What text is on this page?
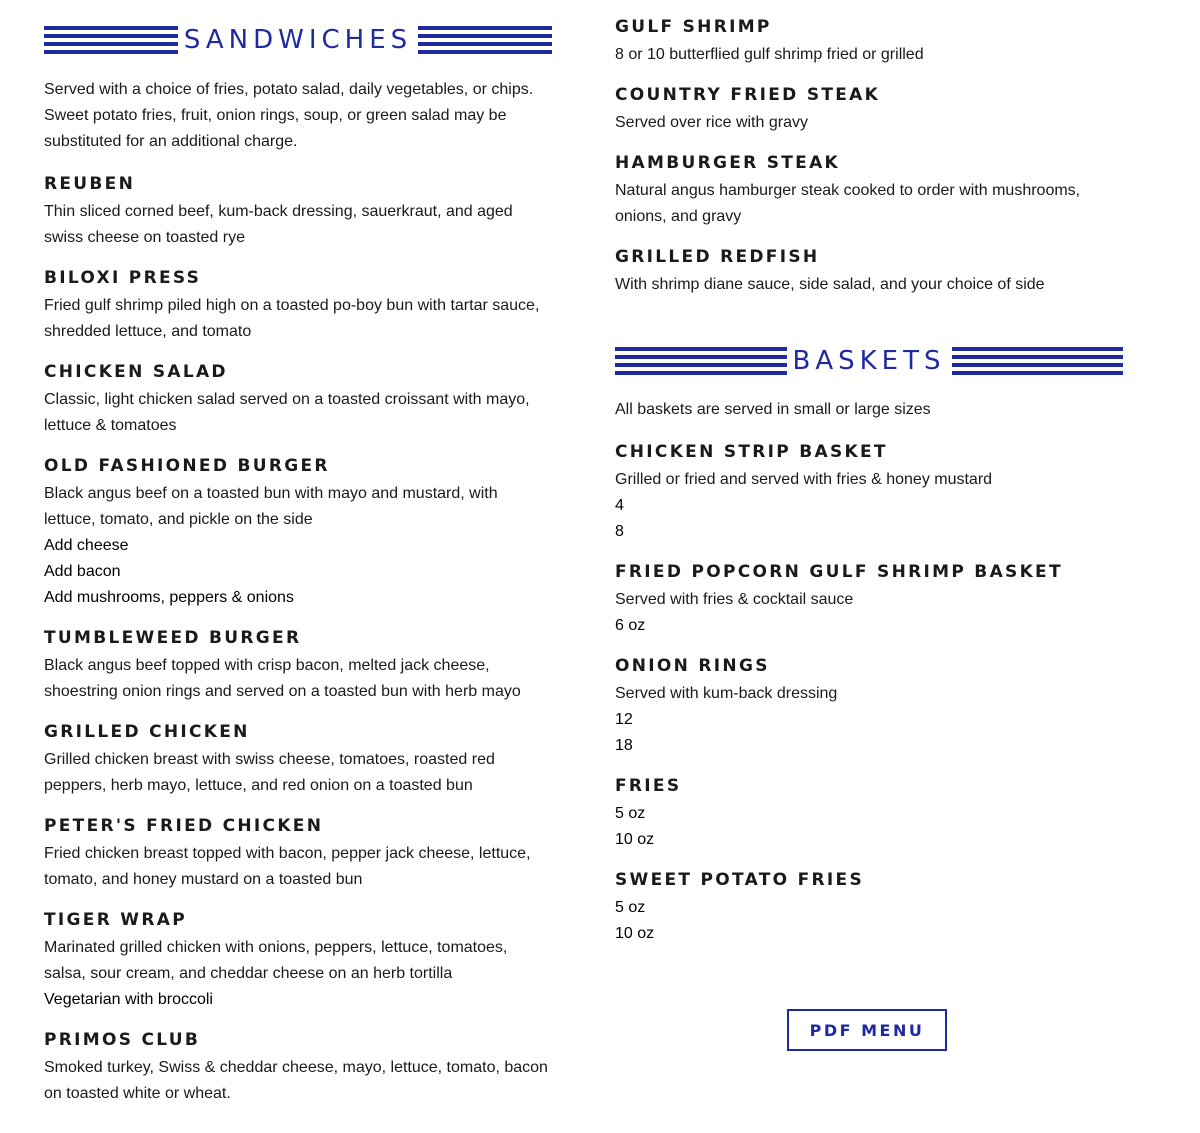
SANDWICHES

Served with a choice of fries, potato salad, daily vegetables, or chips. Sweet potato fries, fruit, onion rings, soup, or green salad may be substituted for an additional charge.

REUBEN

Thin sliced corned beef, kum-back dressing, sauerkraut, and aged swiss cheese on toasted rye

BILOXI PRESS

Fried gulf shrimp piled high on a toasted po-boy bun with tartar sauce, shredded lettuce, and tomato

CHICKEN SALAD

Classic, light chicken salad served on a toasted croissant with mayo, lettuce & tomatoes

OLD FASHIONED BURGER

Black angus beef on a toasted bun with mayo and mustard, with lettuce, tomato, and pickle on the side

Add cheese

Add bacon

Add mushrooms, peppers & onions

TUMBLEWEED BURGER

Black angus beef topped with crisp bacon, melted jack cheese, shoestring onion rings and served on a toasted bun with herb mayo

GRILLED CHICKEN

Grilled chicken breast with swiss cheese, tomatoes, roasted red peppers, herb mayo, lettuce, and red onion on a toasted bun

PETER'S FRIED CHICKEN

Fried chicken breast topped with bacon, pepper jack cheese, lettuce, tomato, and honey mustard on a toasted bun

TIGER WRAP

Marinated grilled chicken with onions, peppers, lettuce, tomatoes, salsa, sour cream, and cheddar cheese on an herb tortilla

Vegetarian with broccoli

PRIMOS CLUB

Smoked turkey, Swiss & cheddar cheese, mayo, lettuce, tomato, bacon on toasted white or wheat.

GULF SHRIMP

8 or 10 butterflied gulf shrimp fried or grilled

COUNTRY FRIED STEAK

Served over rice with gravy

HAMBURGER STEAK

Natural angus hamburger steak cooked to order with mushrooms, onions, and gravy

GRILLED REDFISH

With shrimp diane sauce, side salad, and your choice of side

BASKETS

All baskets are served in small or large sizes

CHICKEN STRIP BASKET

Grilled or fried and served with fries & honey mustard

4

8

FRIED POPCORN GULF SHRIMP BASKET

Served with fries & cocktail sauce

6 oz

ONION RINGS

Served with kum-back dressing

12

18

FRIES

5 oz

10 oz

SWEET POTATO FRIES

5 oz

10 oz

PDF MENU
